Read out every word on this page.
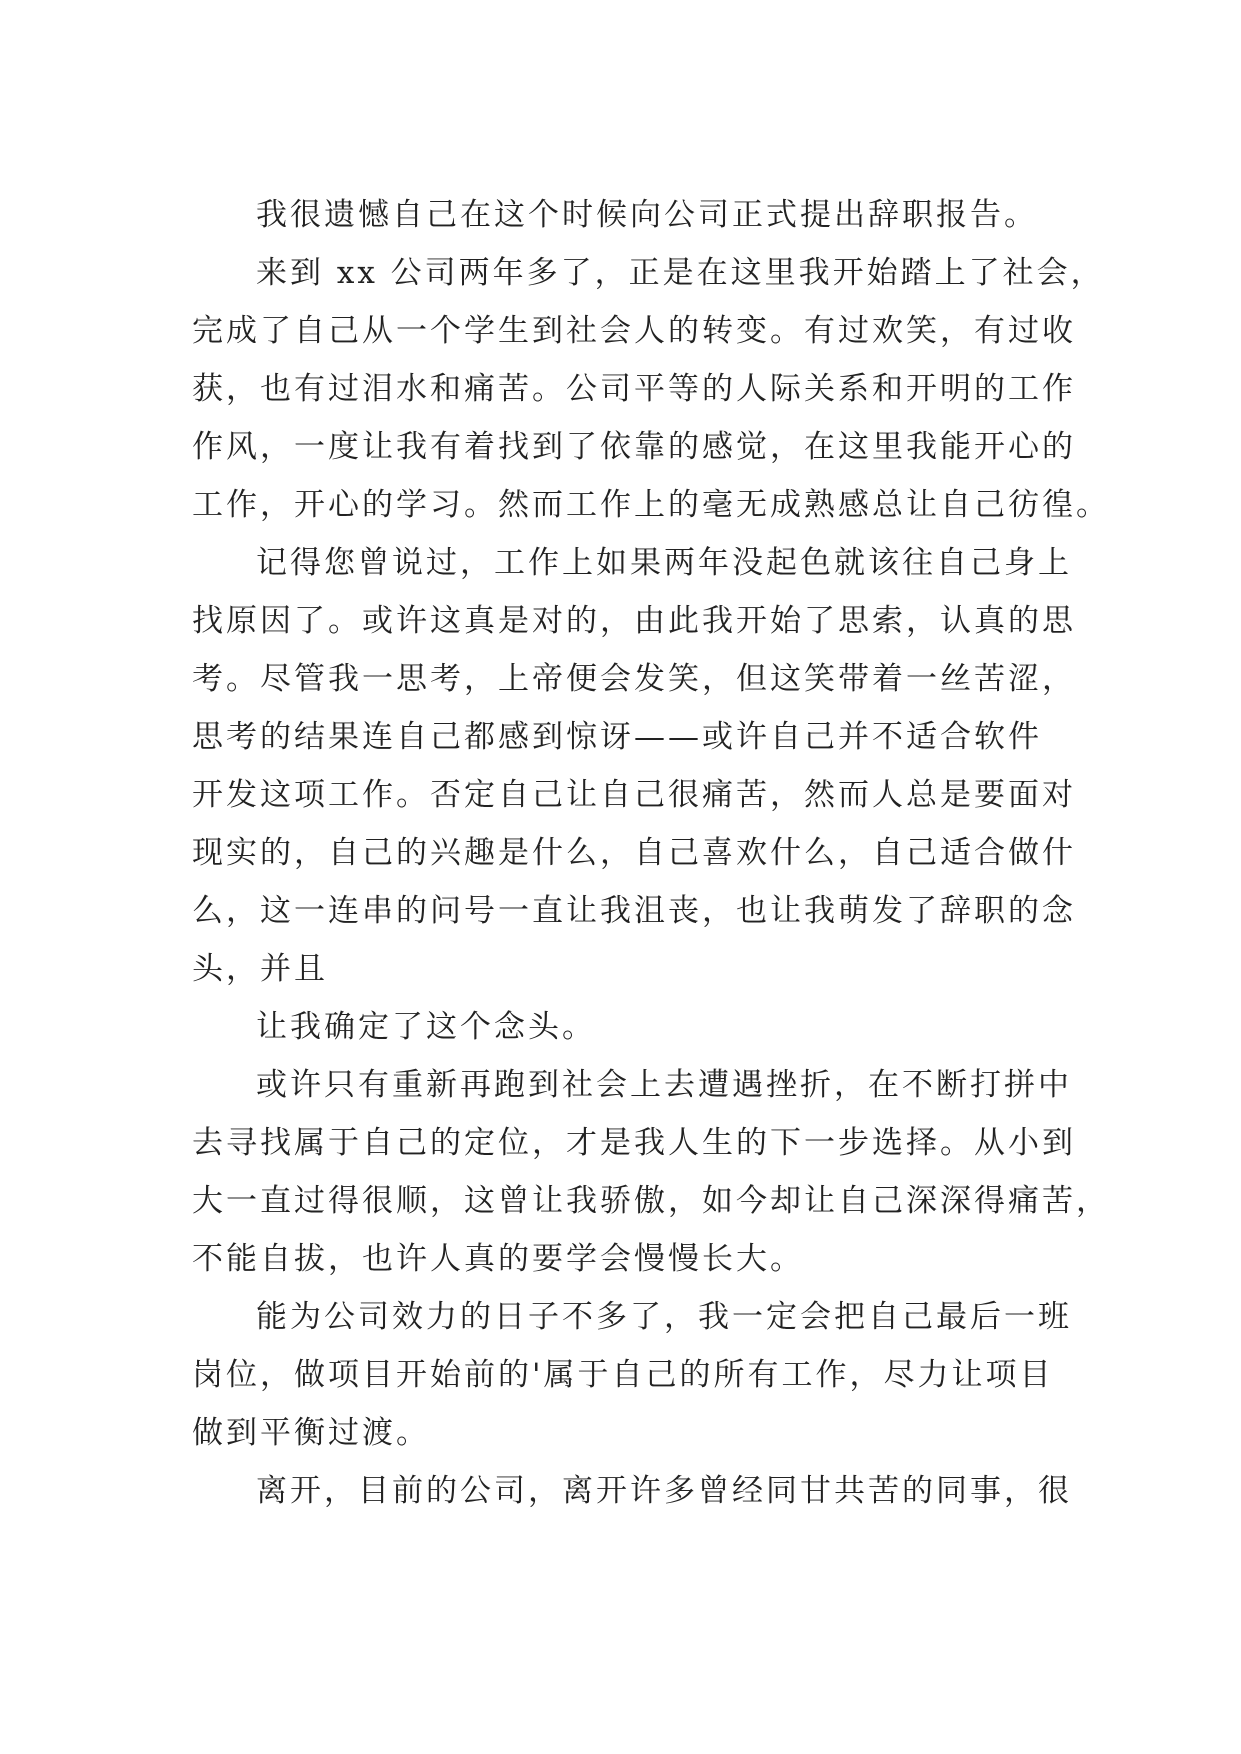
我很遗憾自己在这个时候向公司正式提出辞职报告。
来到 xx 公司两年多了，正是在这里我开始踏上了社会，
完成了自己从一个学生到社会人的转变。有过欢笑，有过收
获，也有过泪水和痛苦。公司平等的人际关系和开明的工作
作风，一度让我有着找到了依靠的感觉，在这里我能开心的
工作，开心的学习。然而工作上的毫无成熟感总让自己彷徨。
记得您曾说过，工作上如果两年没起色就该往自己身上
找原因了。或许这真是对的，由此我开始了思索，认真的思
考。尽管我一思考，上帝便会发笑，但这笑带着一丝苦涩，
思考的结果连自己都感到惊讶——或许自己并不适合软件
开发这项工作。否定自己让自己很痛苦，然而人总是要面对
现实的，自己的兴趣是什么，自己喜欢什么，自己适合做什
么，这一连串的问号一直让我沮丧，也让我萌发了辞职的念
头，并且
让我确定了这个念头。
或许只有重新再跑到社会上去遭遇挫折，在不断打拼中
去寻找属于自己的定位，才是我人生的下一步选择。从小到
大一直过得很顺，这曾让我骄傲，如今却让自己深深得痛苦，
不能自拔，也许人真的要学会慢慢长大。
能为公司效力的日子不多了，我一定会把自己最后一班
岗位，做项目开始前的'属于自己的所有工作，尽力让项目
做到平衡过渡。
离开，目前的公司，离开许多曾经同甘共苦的同事，很
